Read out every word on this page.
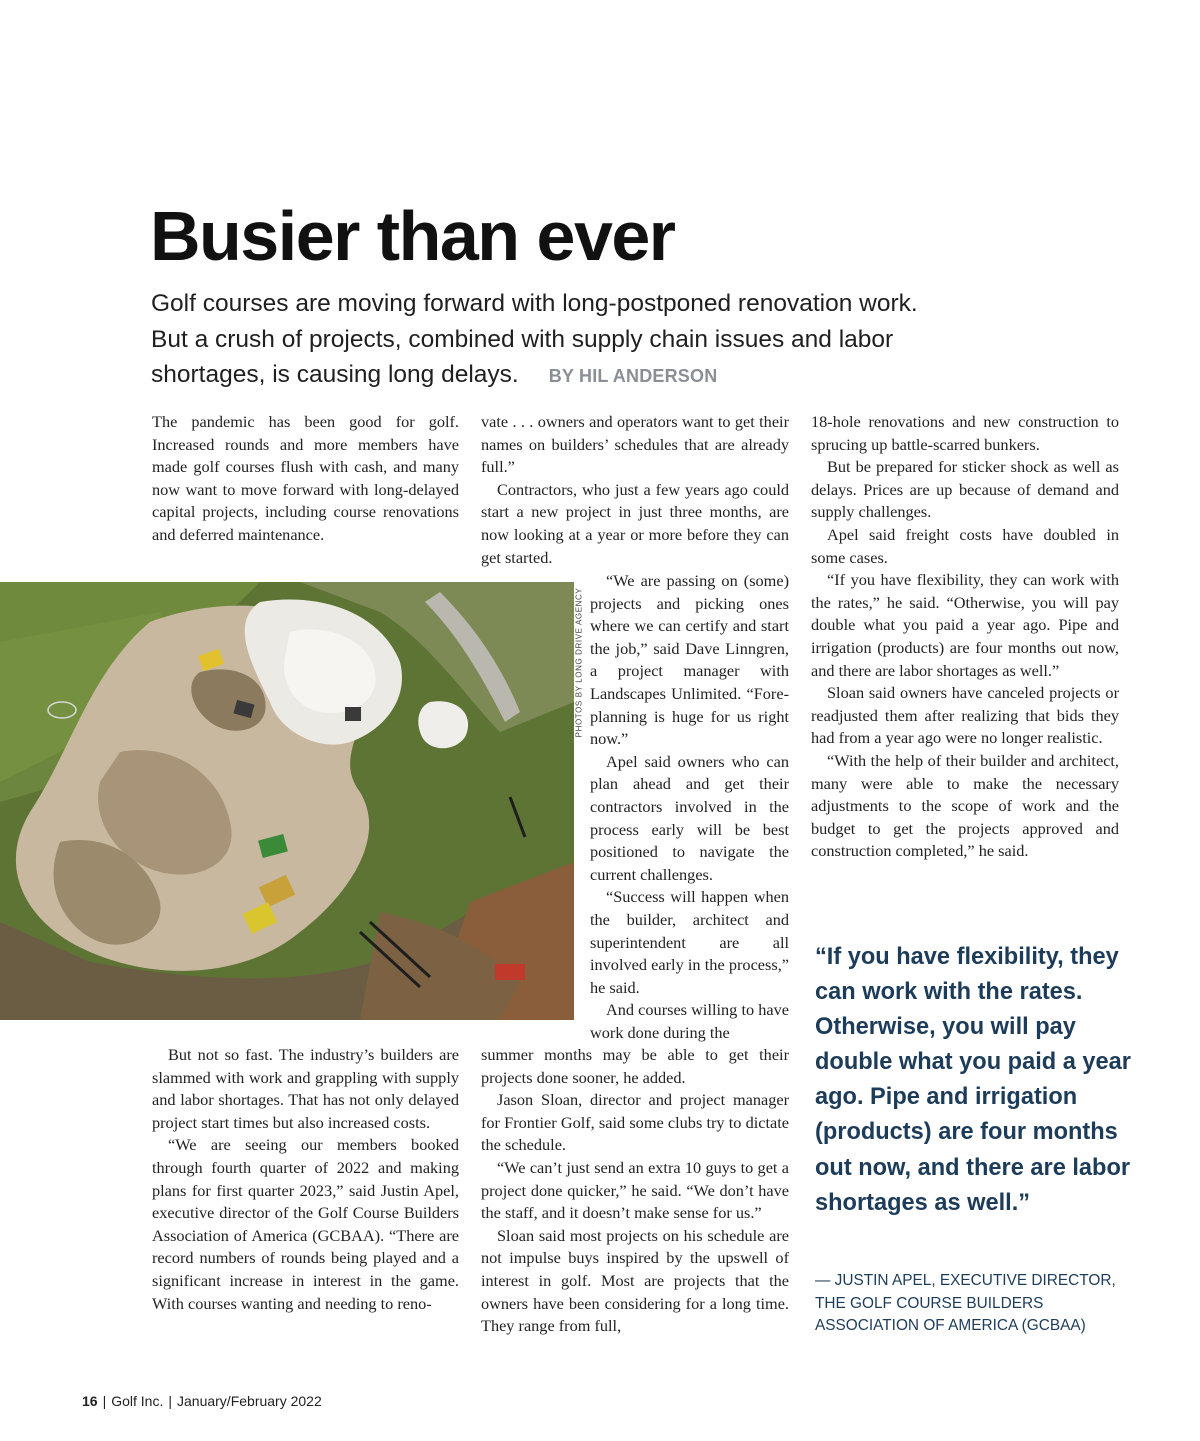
Busier than ever
Golf courses are moving forward with long-postponed renovation work.
But a crush of projects, combined with supply chain issues and labor
shortages, is causing long delays. BY HIL ANDERSON

The pandemic has been good for golf. Increased rounds and more members have made golf courses flush with cash, and many now want to move forward with long-delayed capital projects, including course renovations and deferred maintenance.

PHOTOS BY LONG DRIVE AGENCY

But not so fast. The industry’s builders are slammed with work and grappling with supply and labor shortages. That has not only delayed project start times but also increased costs.

“We are seeing our members booked through fourth quarter of 2022 and making plans for first quarter 2023,” said Justin Apel, executive director of the Golf Course Builders Association of America (GCBAA). “There are record numbers of rounds being played and a significant increase in interest in the game. With courses wanting and needing to reno-

vate . . . owners and operators want to get their names on builders’ schedules that are already full.”

Contractors, who just a few years ago could start a new project in just three months, are now looking at a year or more before they can get started.

“We are passing on (some) projects and picking ones where we can certify and start the job,” said Dave Linngren, a project manager with Landscapes Unlimited. “Fore-planning is huge for us right now.”

Apel said owners who can plan ahead and get their contractors involved in the process early will be best positioned to navigate the current challenges.

“Success will happen when the builder, architect and superintendent are all involved early in the process,” he said.

And courses willing to have work done during the

summer months may be able to get their projects done sooner, he added.

Jason Sloan, director and project manager for Frontier Golf, said some clubs try to dictate the schedule.

“We can’t just send an extra 10 guys to get a project done quicker,” he said. “We don’t have the staff, and it doesn’t make sense for us.”

Sloan said most projects on his schedule are not impulse buys inspired by the upswell of interest in golf. Most are projects that the owners have been considering for a long time. They range from full,

18-hole renovations and new construction to sprucing up battle-scarred bunkers.

But be prepared for sticker shock as well as delays. Prices are up because of demand and supply challenges.

Apel said freight costs have doubled in some cases.

“If you have flexibility, they can work with the rates,” he said. “Otherwise, you will pay double what you paid a year ago. Pipe and irrigation (products) are four months out now, and there are labor shortages as well.”

Sloan said owners have canceled projects or readjusted them after realizing that bids they had from a year ago were no longer realistic.

“With the help of their builder and architect, many were able to make the necessary adjustments to the scope of work and the budget to get the projects approved and construction completed,” he said.

“If you have flexibility, they can work with the rates. Otherwise, you will pay double what you paid a year ago. Pipe and irrigation (products) are four months out now, and there are labor shortages as well.”
— JUSTIN APEL, EXECUTIVE DIRECTOR,
THE GOLF COURSE BUILDERS
ASSOCIATION OF AMERICA (GCBAA)
16 | Golf Inc. | January/February 2022
